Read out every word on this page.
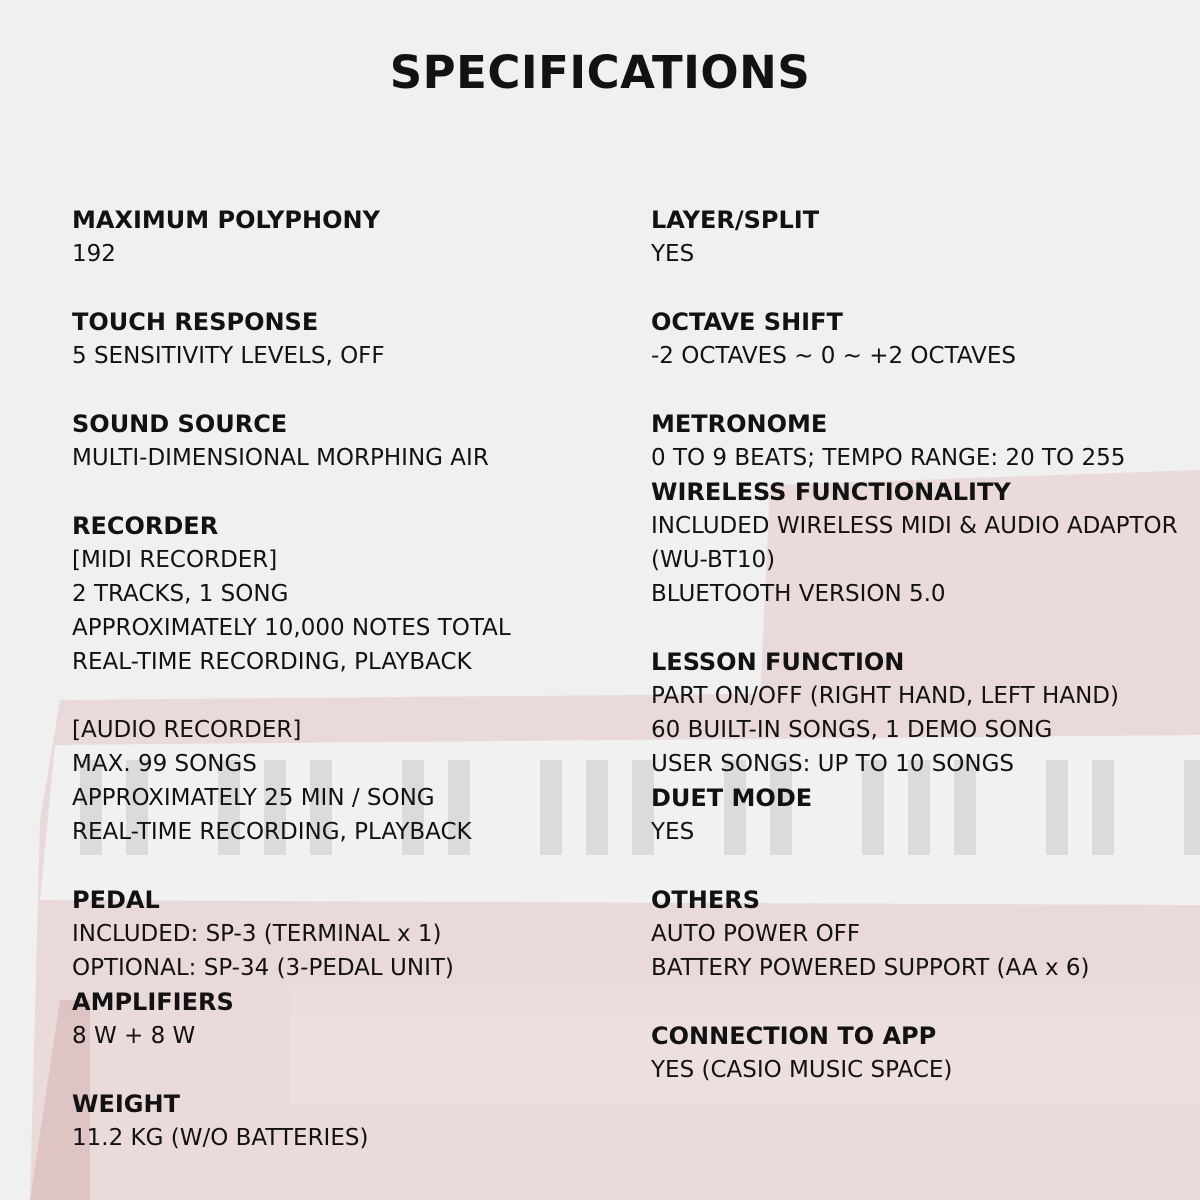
SPECIFICATIONS
MAXIMUM POLYPHONY
192
TOUCH RESPONSE
5 SENSITIVITY LEVELS, OFF
SOUND SOURCE
MULTI-DIMENSIONAL MORPHING AIR
RECORDER
[MIDI RECORDER]
2 TRACKS, 1 SONG
APPROXIMATELY 10,000 NOTES TOTAL
REAL-TIME RECORDING, PLAYBACK
[AUDIO RECORDER]
MAX. 99 SONGS
APPROXIMATELY 25 MIN / SONG
REAL-TIME RECORDING, PLAYBACK
PEDAL
INCLUDED: SP-3 (TERMINAL x 1)
OPTIONAL: SP-34 (3-PEDAL UNIT)
AMPLIFIERS
8 W + 8 W
WEIGHT
11.2 KG (W/O BATTERIES)
LAYER/SPLIT
YES
OCTAVE SHIFT
-2 OCTAVES ~ 0 ~ +2 OCTAVES
METRONOME
0 TO 9 BEATS; TEMPO RANGE: 20 TO 255
WIRELESS FUNCTIONALITY
INCLUDED WIRELESS MIDI & AUDIO ADAPTOR (WU-BT10)
BLUETOOTH VERSION 5.0
LESSON FUNCTION
PART ON/OFF (RIGHT HAND, LEFT HAND)
60 BUILT-IN SONGS, 1 DEMO SONG
USER SONGS: UP TO 10 SONGS
DUET MODE
YES
OTHERS
AUTO POWER OFF
BATTERY POWERED SUPPORT (AA x 6)
CONNECTION TO APP
YES (CASIO MUSIC SPACE)
